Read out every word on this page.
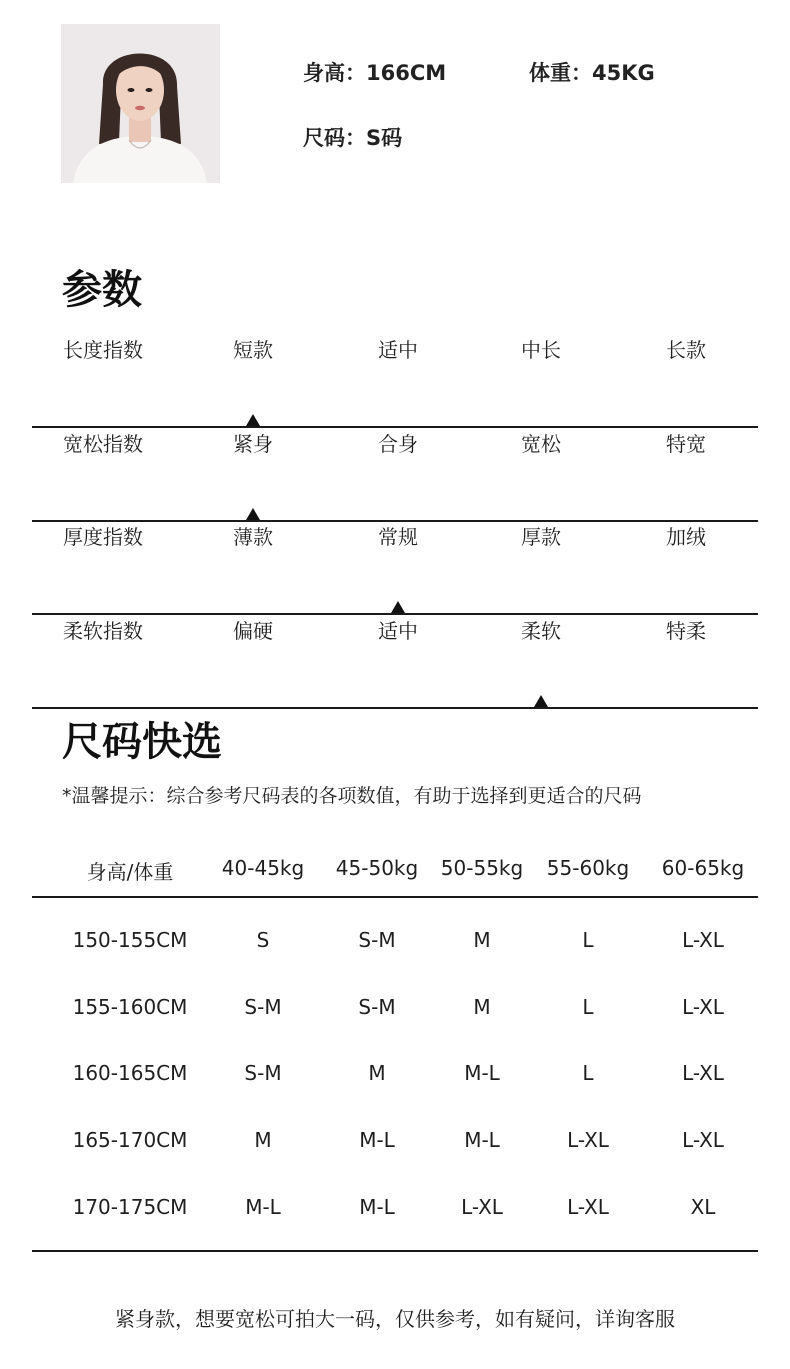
身高：166CM	体重：45KG
尺码：S码
参数
长度指数	短款	适中	中长	长款
宽松指数	紧身	合身	宽松	特宽
厚度指数	薄款	常规	厚款	加绒
柔软指数	偏硬	适中	柔软	特柔
尺码快选
*温馨提示：综合参考尺码表的各项数值，有助于选择到更适合的尺码
身高/体重 40-45kg 45-50kg 50-55kg 55-60kg 60-65kg
150-155CM	S	S-M	M	L	L-XL
155-160CM	S-M	S-M	M	L	L-XL
160-165CM	S-M	M	M-L	L	L-XL
165-170CM	M	M-L	M-L	L-XL	L-XL
170-175CM	M-L	M-L	L-XL	L-XL	XL
紧身款，想要宽松可拍大一码，仅供参考，如有疑问，详询客服
